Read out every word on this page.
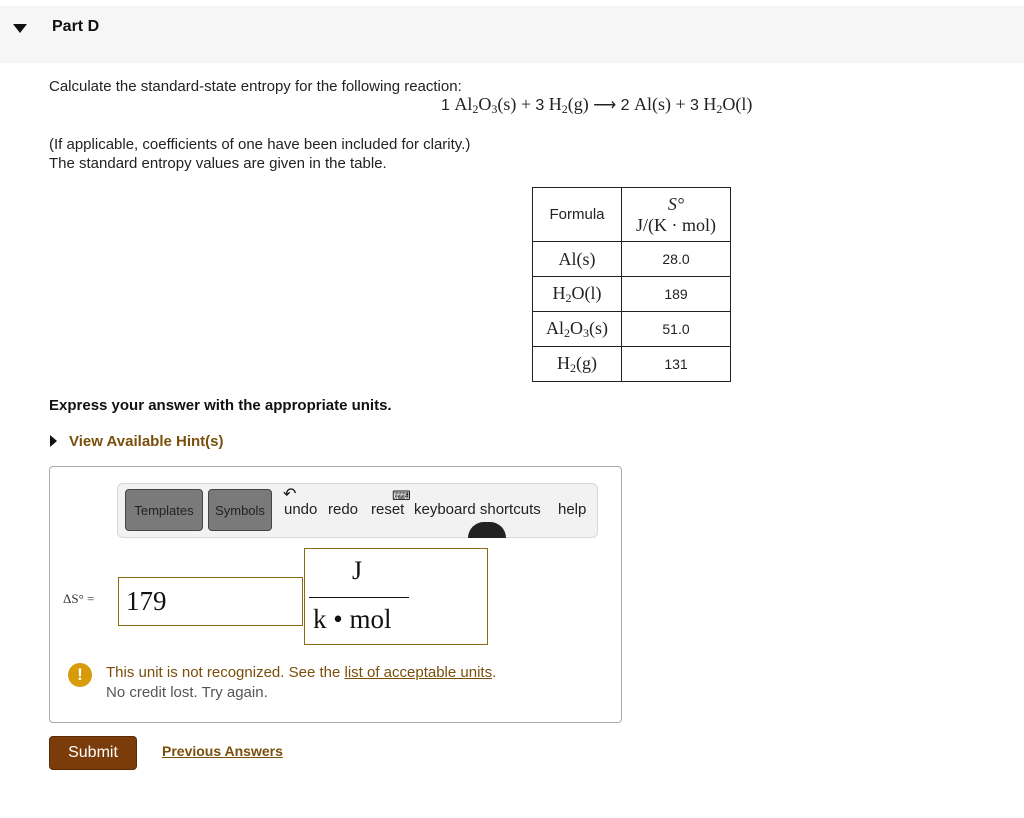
Part D
Calculate the standard-state entropy for the following reaction:
1 $Al_2O_3(s) + 3$ $H_2(g)$ ⟶ 2 Al(s) + 3 $H_2O(l)$
(If applicable, coefficients of one have been included for clarity.)
The standard entropy values are given in the table.
Formula	S°
J/(K · mol)

Al(s)	28.0
$H_2O(l)$	189
$Al_2O_3(s)$	51.0
$H_2(g)$	131
Express your answer with the appropriate units.
View Available Hint(s)
Templates	Symbols
↶
undo redo
⌨
reset keyboard shortcuts help
ΔS° = 179
J
k • mol
!	This unit is not recognized. See the list of acceptable units.
No credit lost. Try again.
Submit	Previous Answers
